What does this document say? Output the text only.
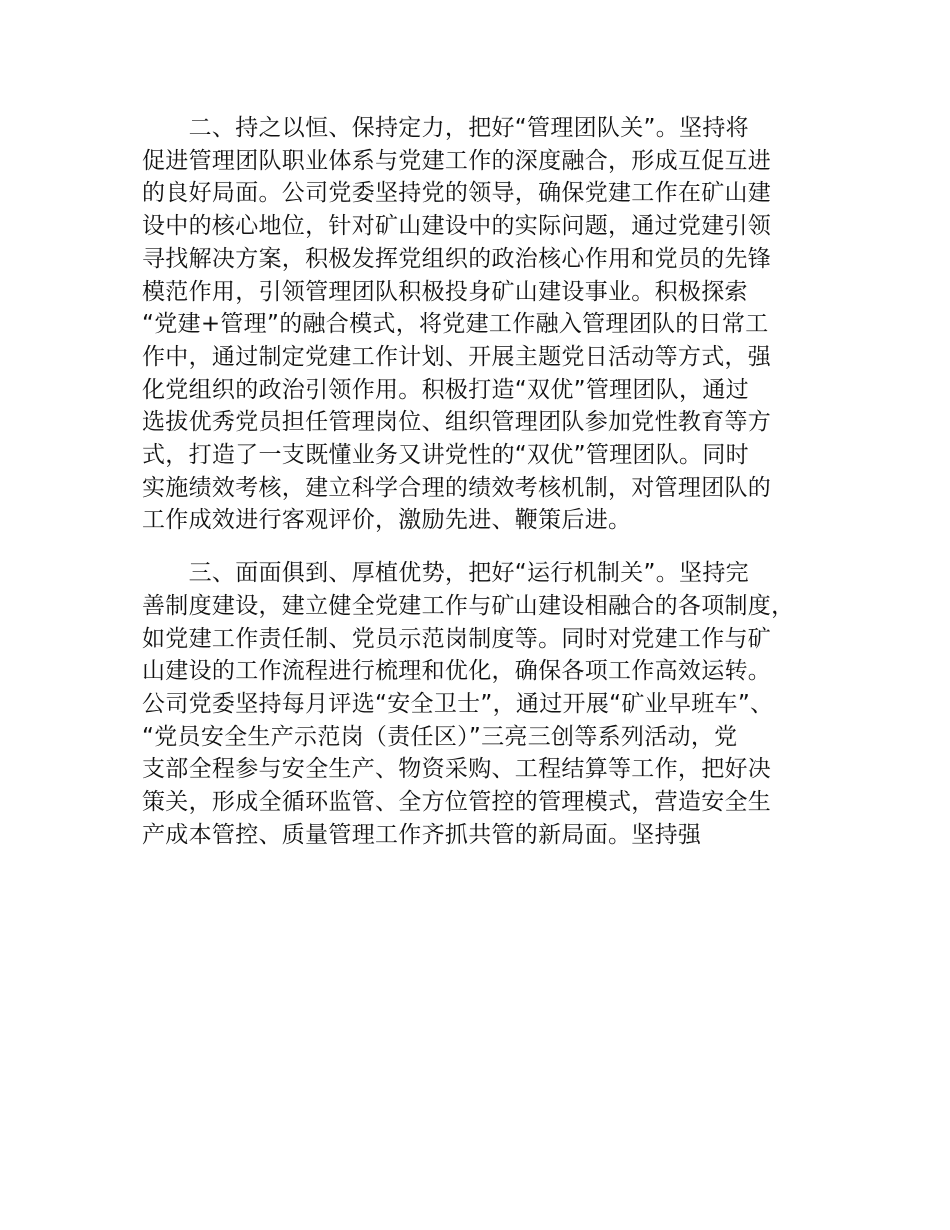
　　二、持之以恒、保持定力，把好“管理团队关”。坚持将
促进管理团队职业体系与党建工作的深度融合，形成互促互进
的良好局面。公司党委坚持党的领导，确保党建工作在矿山建
设中的核心地位，针对矿山建设中的实际问题，通过党建引领
寻找解决方案，积极发挥党组织的政治核心作用和党员的先锋
模范作用，引领管理团队积极投身矿山建设事业。积极探索
“党建+管理”的融合模式，将党建工作融入管理团队的日常工
作中，通过制定党建工作计划、开展主题党日活动等方式，强
化党组织的政治引领作用。积极打造“双优”管理团队，通过
选拔优秀党员担任管理岗位、组织管理团队参加党性教育等方
式，打造了一支既懂业务又讲党性的“双优”管理团队。同时
实施绩效考核，建立科学合理的绩效考核机制，对管理团队的
工作成效进行客观评价，激励先进、鞭策后进。
　　三、面面俱到、厚植优势，把好“运行机制关”。坚持完
善制度建设，建立健全党建工作与矿山建设相融合的各项制度，
如党建工作责任制、党员示范岗制度等。同时对党建工作与矿
山建设的工作流程进行梳理和优化，确保各项工作高效运转。
公司党委坚持每月评选“安全卫士”，通过开展“矿业早班车”、
“党员安全生产示范岗（责任区）”三亮三创等系列活动，党
支部全程参与安全生产、物资采购、工程结算等工作，把好决
策关，形成全循环监管、全方位管控的管理模式，营造安全生
产成本管控、质量管理工作齐抓共管的新局面。坚持强
